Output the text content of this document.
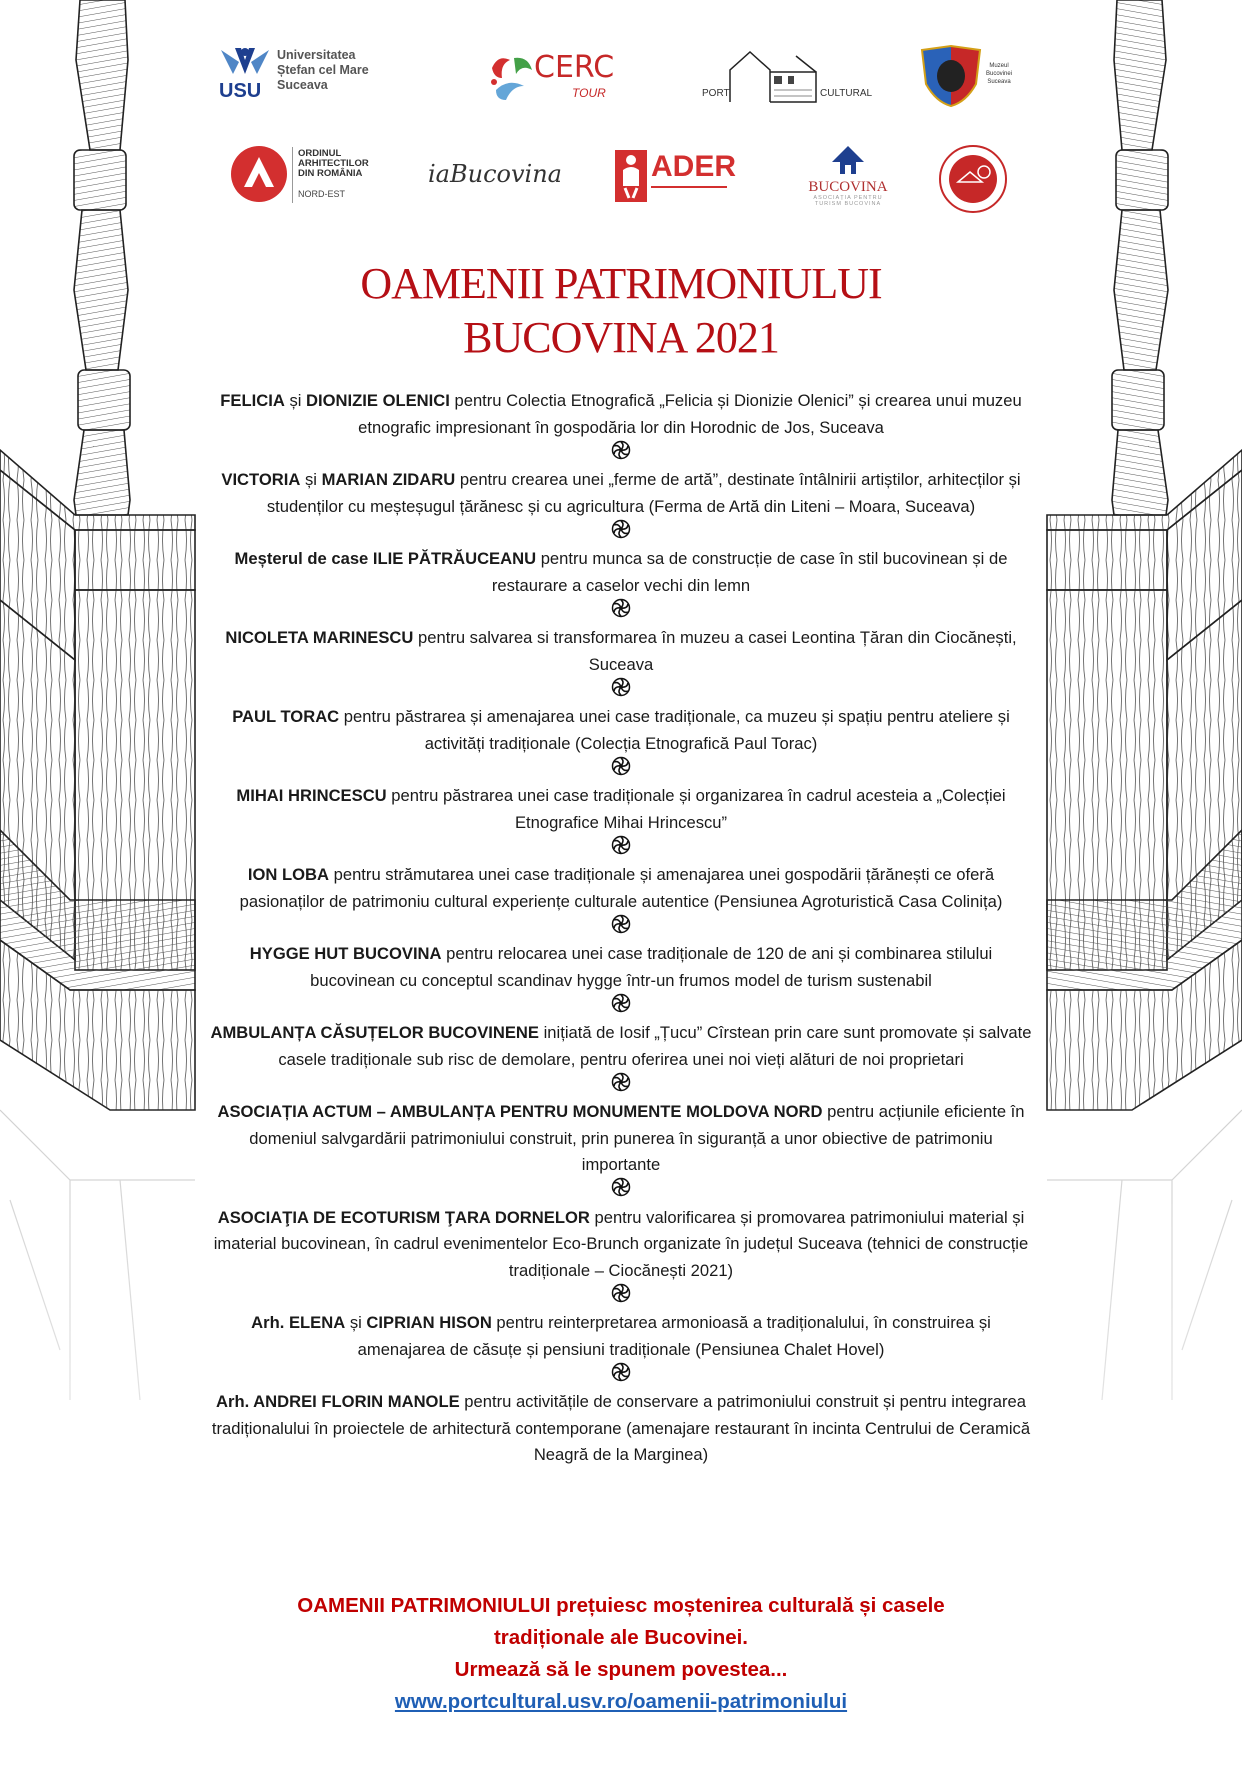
USU
Universitatea
Ștefan cel Mare
Suceava	CERC
TOUR	PORT	CULTURAL
Muzeul
Bucovinei
Suceava
ORDINUL
ARHITECTILOR
DIN ROMÂNIA
NORD-EST
iaBucovina	ADER
BUCOVINA
ASOCIAȚIA PENTRU
TURISM BUCOVINA
OAMENII PATRIMONIULUI
BUCOVINA 2021

FELICIA și DIONIZIE OLENICI pentru Colectia Etnografică „Felicia și Dionizie Olenici” și crearea unui muzeu etnografic impresionant în gospodăria lor din Horodnic de Jos, Suceava

VICTORIA și MARIAN ZIDARU pentru crearea unei „ferme de artă”, destinate întâlnirii artiștilor, arhitecților și studenților cu meșteșugul țărănesc și cu agricultura (Ferma de Artă din Liteni – Moara, Suceava)

Meșterul de case ILIE PĂTRĂUCEANU pentru munca sa de construcție de case în stil bucovinean și de restaurare a caselor vechi din lemn

NICOLETA MARINESCU pentru salvarea si transformarea în muzeu a casei Leontina Țăran din Ciocănești, Suceava

PAUL TORAC pentru păstrarea și amenajarea unei case tradiționale, ca muzeu și spațiu pentru ateliere și activități tradiționale (Colecția Etnografică Paul Torac)

MIHAI HRINCESCU pentru păstrarea unei case tradiționale și organizarea în cadrul acesteia a „Colecției Etnografice Mihai Hrincescu”

ION LOBA pentru strămutarea unei case tradiționale și amenajarea unei gospodării țărănești ce oferă pasionaților de patrimoniu cultural experiențe culturale autentice (Pensiunea Agroturistică Casa Colinița)

HYGGE HUT BUCOVINA pentru relocarea unei case tradiționale de 120 de ani și combinarea stilului bucovinean cu conceptul scandinav hygge într-un frumos model de turism sustenabil

AMBULANȚA CĂSUȚELOR BUCOVINENE inițiată de Iosif „Țucu” Cîrstean prin care sunt promovate și salvate casele tradiționale sub risc de demolare, pentru oferirea unei noi vieți alături de noi proprietari

ASOCIAȚIA ACTUM – AMBULANȚA PENTRU MONUMENTE MOLDOVA NORD pentru acțiunile eficiente în domeniul salvgardării patrimoniului construit, prin punerea în siguranță a unor obiective de patrimoniu importante

ASOCIAŢIA DE ECOTURISM ŢARA DORNELOR pentru valorificarea și promovarea patrimoniului material și imaterial bucovinean, în cadrul evenimentelor Eco-Brunch organizate în județul Suceava (tehnici de construcție tradiționale – Ciocănești 2021)

Arh. ELENA și CIPRIAN HISON pentru reinterpretarea armonioasă a tradiționalului, în construirea și amenajarea de căsuțe și pensiuni tradiționale (Pensiunea Chalet Hovel)

Arh. ANDREI FLORIN MANOLE pentru activitățile de conservare a patrimoniului construit și pentru integrarea tradiționalului în proiectele de arhitectură contemporane (amenajare restaurant în incinta Centrului de Ceramică Neagră de la Marginea)

OAMENII PATRIMONIULUI prețuiesc moștenirea culturală și casele tradiționale ale Bucovinei.
Urmează să le spunem povestea...
www.portcultural.usv.ro/oamenii-patrimoniului
